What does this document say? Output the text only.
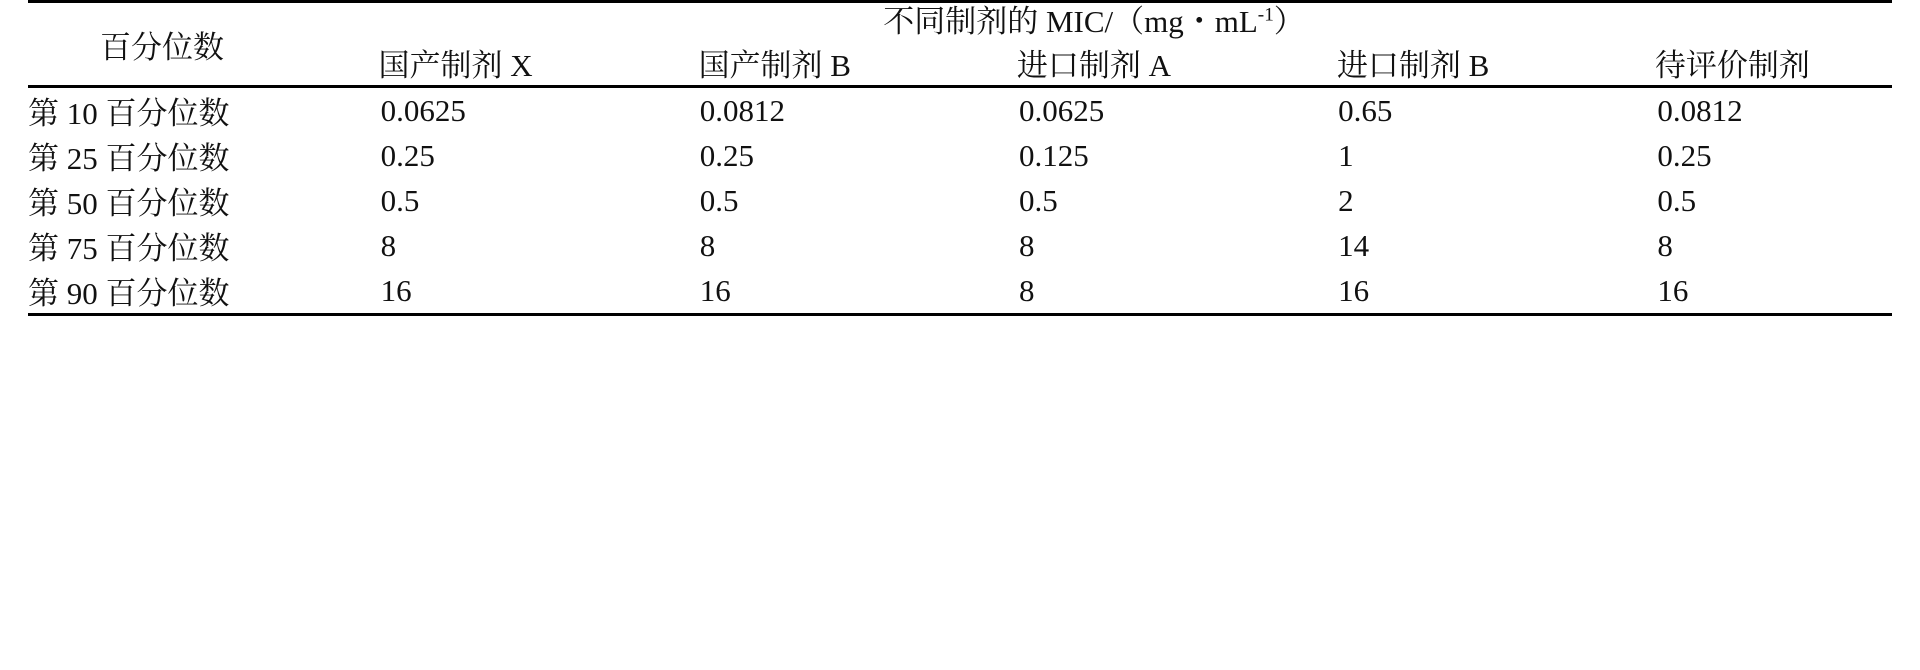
百分位数	不同制剂的 MIC/（mg・$mL^{-1}$）				
	国产制剂 X	国产制剂 B	进口制剂 A	进口制剂 B	待评价制剂
第 10 百分位数	0.0625	0.0812	0.0625	0.65	0.0812
第 25 百分位数	0.25	0.25	0.125	1	0.25
第 50 百分位数	0.5	0.5	0.5	2	0.5
第 75 百分位数	8	8	8	14	8
第 90 百分位数	16	16	8	16	16
